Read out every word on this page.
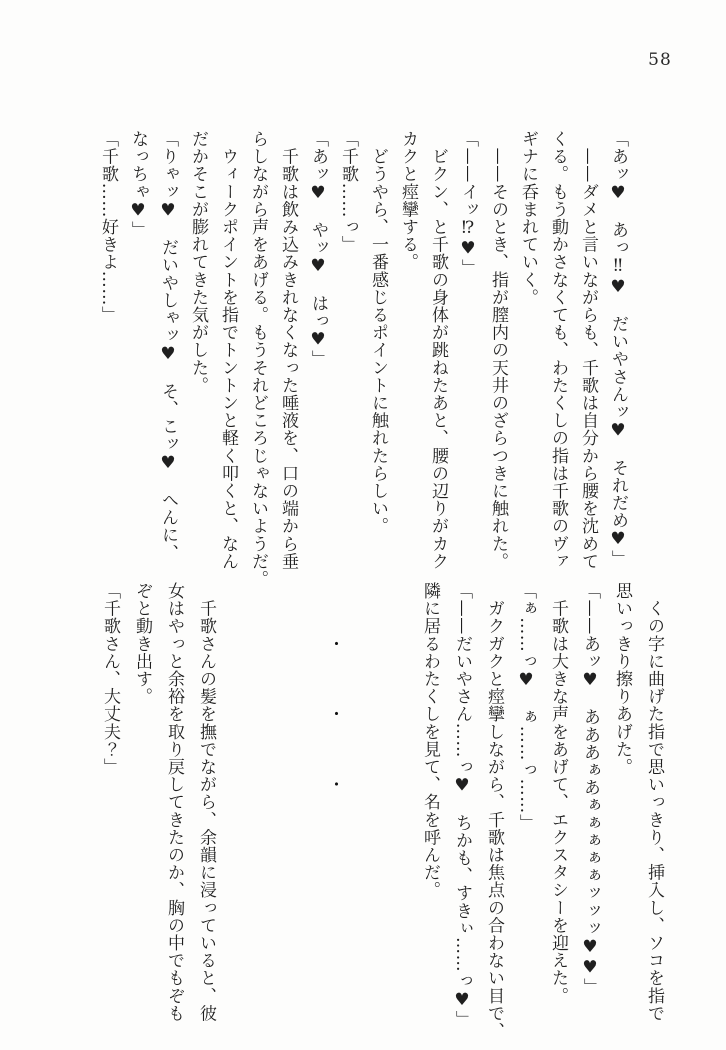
58

「あッ♥　あっ‼♥　だいやさんッ♥　それだめ♥」

　——ダメと言いながらも、千歌は自分から腰を沈めて

くる。もう動かさなくても、わたくしの指は千歌のヴァ

ギナに呑まれていく。

　——そのとき、指が膣内の天井のざらつきに触れた。

「——イッ⁉♥」

　ビクン、と千歌の身体が跳ねたあと、腰の辺りがカク

カクと痙攣する。

　どうやら、一番感じるポイントに触れたらしい。

「千歌……っ」

「あッ♥　やッ♥　はっ♥」

　千歌は飲み込みきれなくなった唾液を、口の端から垂

らしながら声をあげる。もうそれどころじゃないようだ。

　ウィークポイントを指でトントンと軽く叩くと、なん

だかそこが膨れてきた気がした。

「りゃッ♥　だいやしゃッ♥　そ、こッ♥　へんに、

なっちゃ♥」

「千歌……好きよ……」

　くの字に曲げた指で思いっきり、挿入し、ソコを指で

思いっきり擦りあげた。

「——あッ♥　あああぁあぁぁぁぁぁッッッ♥♥」

　千歌は大きな声をあげて、エクスタシーを迎えた。

「ぁ……っ♥　ぁ……っ……」

　ガクガクと痙攣しながら、千歌は焦点の合わない目で、

「——だいやさん……っ♥　ちかも、すきぃ……っ♥」

隣に居るわたくしを見て、名を呼んだ。

　　　・　　　・　　　・

　千歌さんの髪を撫でながら、余韻に浸っていると、彼

女はやっと余裕を取り戻してきたのか、胸の中でもぞも

ぞと動き出す。

「千歌さん、大丈夫？」
